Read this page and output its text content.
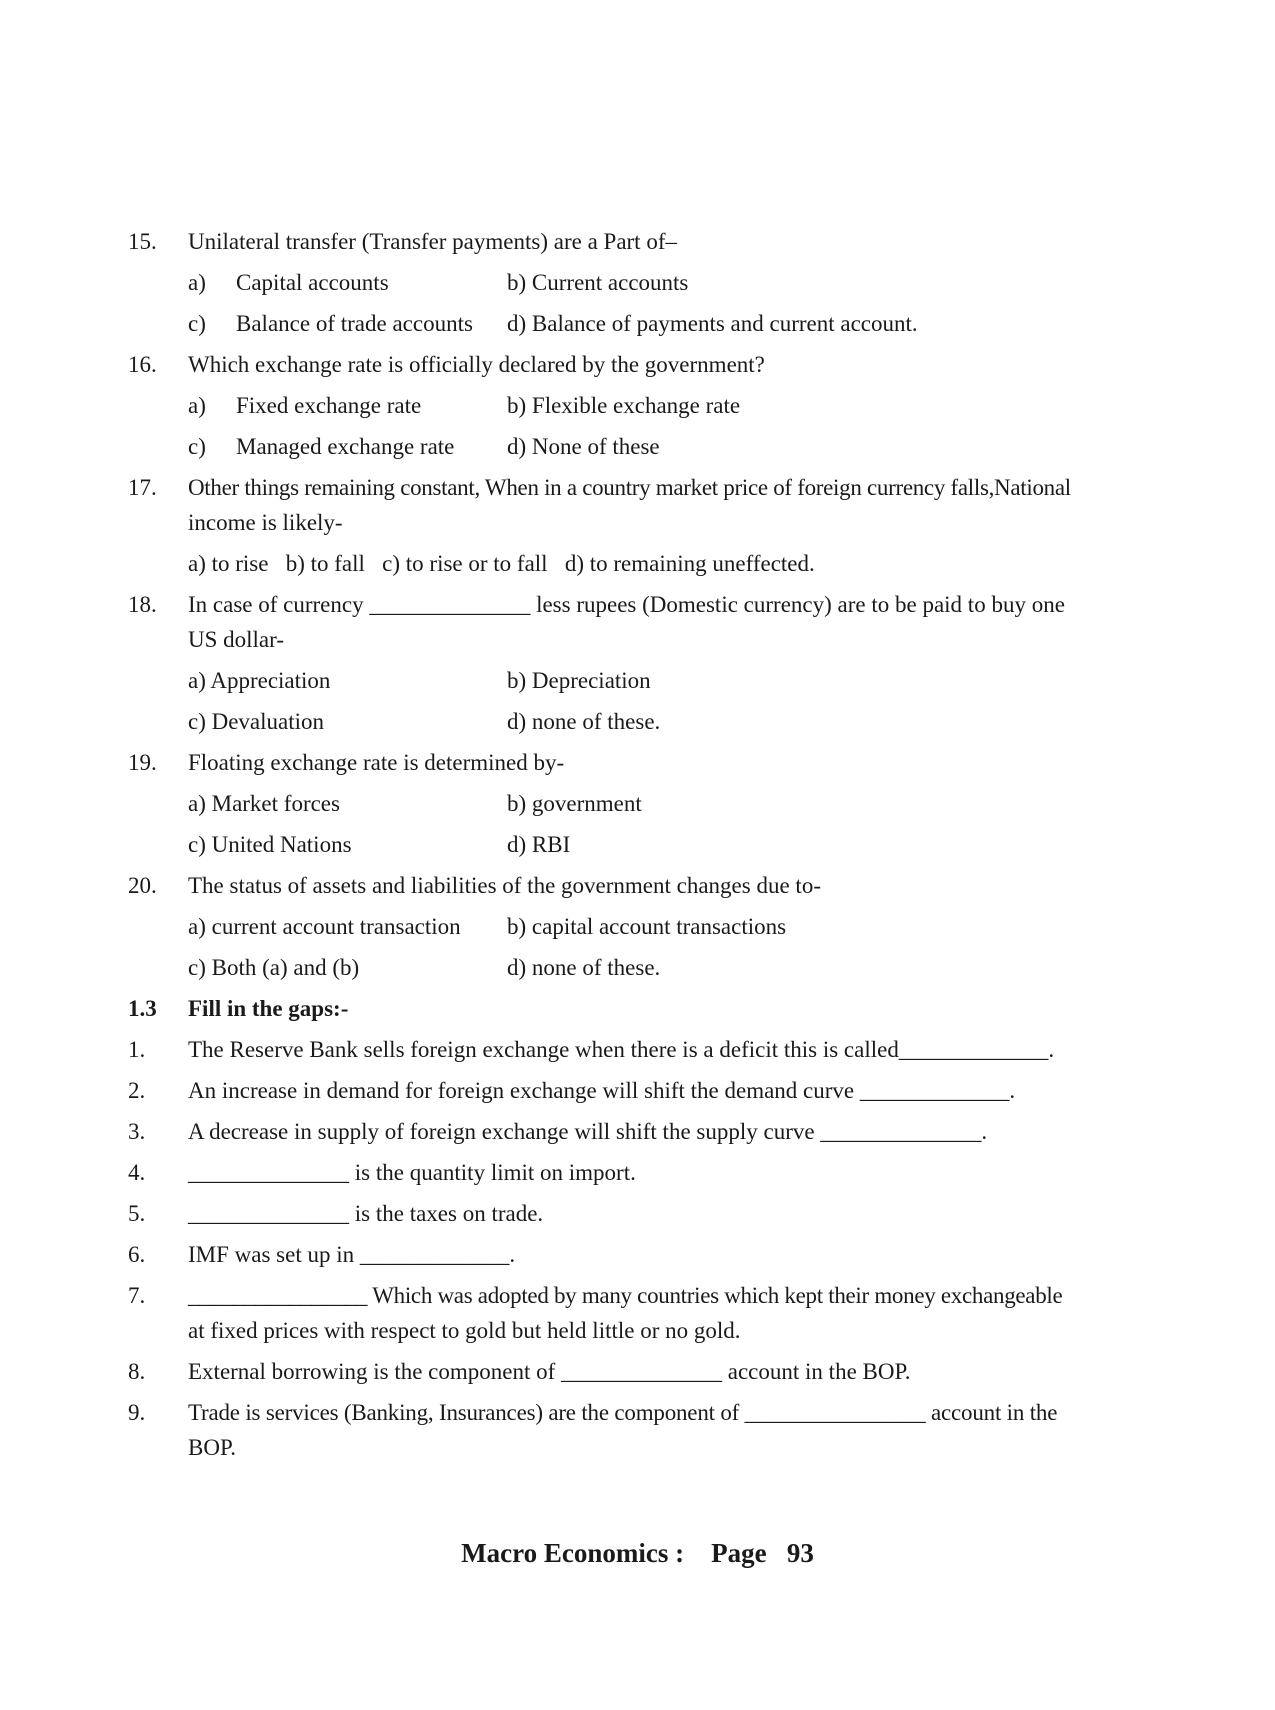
15. Unilateral transfer (Transfer payments) are a Part of–
a) Capital accounts	b) Current accounts
c) Balance of trade accounts d) Balance of payments and current account.
16. Which exchange rate is officially declared by the government?
a) Fixed exchange rate	b) Flexible exchange rate
c) Managed exchange rate d) None of these
17. Other things remaining constant, When in a country market price of foreign currency falls,National
income is likely-
a) to rise   b) to fall   c) to rise or to fall   d) to remaining uneffected.
18. In case of currency ______________ less rupees (Domestic currency) are to be paid to buy one
US dollar-
a) Appreciation	b) Depreciation
c) Devaluation	d) none of these.
19. Floating exchange rate is determined by-
a) Market forces	b) government
c) United Nations	d) RBI
20. The status of assets and liabilities of the government changes due to-
a) current account transaction b) capital account transactions
c) Both (a) and (b)	d) none of these.
1.3 Fill in the gaps:-
1. The Reserve Bank sells foreign exchange when there is a deficit this is called_____________.
2. An increase in demand for foreign exchange will shift the demand curve _____________.
3. A decrease in supply of foreign exchange will shift the supply curve ______________.
4. ______________ is the quantity limit on import.
5. ______________ is the taxes on trade.
6. IMF was set up in _____________.
7. ________________ Which was adopted by many countries which kept their money exchangeable
at fixed prices with respect to gold but held little or no gold.
8. External borrowing is the component of ______________ account in the BOP.
9. Trade is services (Banking, Insurances) are the component of ________________ account in the
BOP.
Macro Economics : Page 93
